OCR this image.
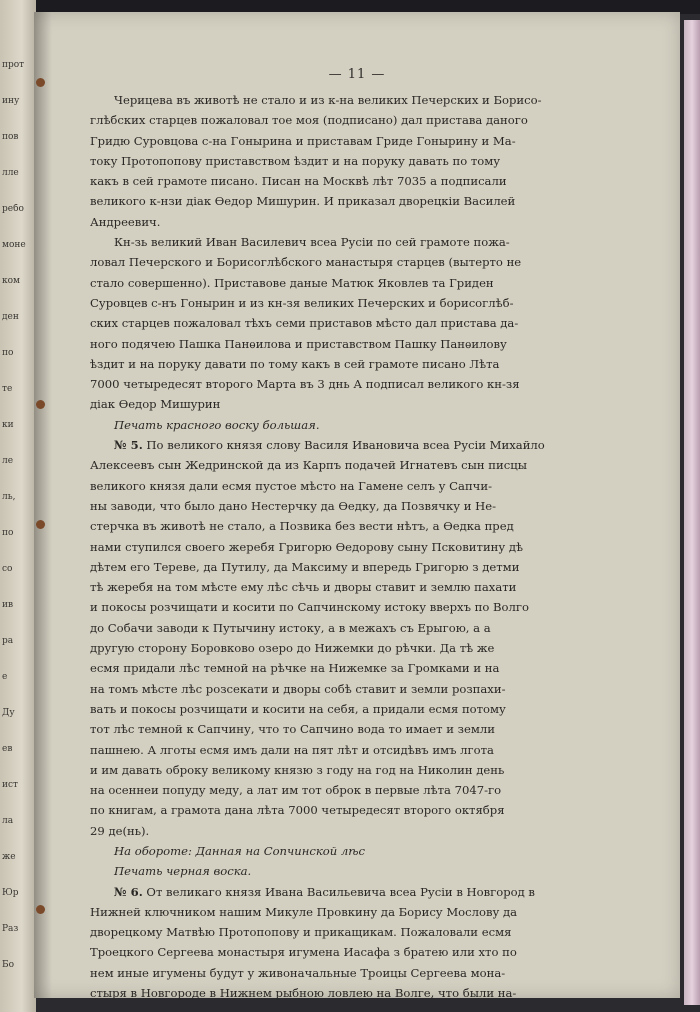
прот
ину
пов
лле
ребо
моне
ком
ден
по
те
ки
ле
ль,
по
со
ив
ра
е
Ду
ев
ист
ла
же
Юр
Раз
Бо
— 11 —

Черицева въ животѣ не стало и из к-на великих Печерских и Борисо-

глѣбских старцев пожаловал тое моя (подписано) дал пристава даного

Гридю Суровцова с-на Гонырина и приставам Гриде Гонырину и Ма-

току Протопопову приставством ѣздит и на поруку давать по тому

какъ в сей грамоте писано. Писан на Москвѣ лѣт 7035 а подписали

великого к-нзи дiак Ѳедор Мишурин. И приказал дворецкiи Василей

Андреевич.

Кн-зь великий Иван Василевич всеа Русiи по сей грамоте пожа-

ловал Печерского и Борисоглѣбского манастыря старцев (вытерто не

стало совершенно). Приставове даные Матюк Яковлев та Гриден

Суровцев с-нъ Гонырин и из кн-зя великих Печерских и борисоглѣб-

ских старцев пожаловал тѣхъ семи приставов мѣсто дал пристава да-

ного подячею Пашка Панѳилова и приставством Пашку Панѳилову

ѣздит и на поруку давати по тому какъ в сей грамоте писано Лѣта

7000 четыредесят второго Марта въ 3 днь А подписал великого кн-зя

дiак Ѳедор Мишурин

Печать красного воску большая.

№ 5. По великого князя слову Василя Ивановича всеа Русiи Михайло

Алексеевъ сын Жедринской да из Карпъ подачей Игнатевъ сын писцы

великого князя дали есмя пустое мѣсто на Гамене селъ у Сапчи-

ны заводи, что было дано Нестерчку да Ѳедку, да Позвячку и Не-

стерчка въ животѣ не стало, а Позвика без вести нѣтъ, а Ѳедка пред

нами ступился своего жеребя Григорю Ѳедорову сыну Псковитину дѣ

дѣтем его Тереве, да Путилу, да Максиму и впередь Григорю з детми

тѣ жеребя на том мѣсте ему лѣс сѣчь и дворы ставит и землю пахати

и покосы розчищати и косити по Сапчинскому истоку вверхъ по Волго

до Собачи заводи к Путычину истоку, а в межахъ съ Ерыгою, а а

другую сторону Боровково озеро до Нижемки до рѣчки. Да тѣ же

есмя придали лѣс темной на рѣчке на Нижемке за Громками и на

на томъ мѣсте лѣс розсекати и дворы собѣ ставит и земли розпахи-

вать и покосы розчищати и косити на себя, а придали есмя потому

тот лѣс темной к Сапчину, что то Сапчино вода то имает и земли

пашнею. А лготы есмя имъ дали на пят лѣт и отсидѣвъ имъ лгота

и им давать оброку великому князю з году на год на Николин день

на осеннеи попуду меду, а лат им тот оброк в первые лѣта 7047-го

по книгам, а грамота дана лѣта 7000 четыредесят второго октября

29 де(нь).

На обороте: Данная на Сопчинской лѣс

Печать черная воска.

№ 6. От великаго князя Ивана Васильевича всеа Русiи в Новгород в

Нижней ключником нашим Микуле Провкину да Борису Мослову да

дворецкому Матвѣю Протопопову и прикащикам. Пожаловали есмя

Троецкого Сергеева монастыря игумена Иасафа з братею или хто по

нем иные игумены будут у живоначальные Троицы Сергеева мона-

стыря в Новгороде в Нижнем рыбною ловлею на Волге, что были на-
